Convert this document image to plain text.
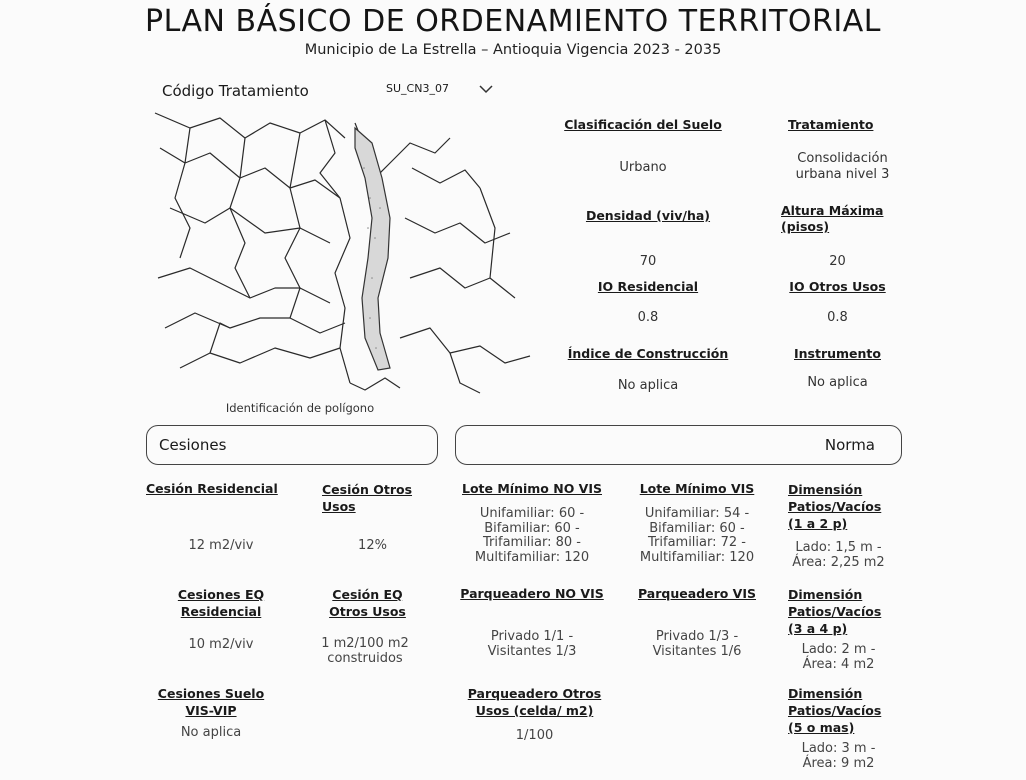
PLAN BÁSICO DE ORDENAMIENTO TERRITORIAL
Municipio de La Estrella – Antioquia Vigencia 2023 - 2035
Código Tratamiento	SU_CN3_07
Identificación de polígono
Clasificación del Suelo
Urbano
Tratamiento
Consolidación
urbana nivel 3
Densidad (viv/ha)
70
Altura Máxima
(pisos)
20
IO Residencial
0.8
IO Otros Usos
0.8
Índice de Construcción
No aplica
Instrumento
No aplica
Cesiones	Norma
Cesión Residencial
12 m2/viv
Cesión Otros
Usos
12%
Cesiones EQ
Residencial
10 m2/viv
Cesión EQ
Otros Usos
1 m2/100 m2
construidos
Cesiones Suelo
VIS-VIP
No aplica
Lote Mínimo NO VIS
Unifamiliar: 60 -
Bifamiliar: 60 -
Trifamiliar: 80 -
Multifamiliar: 120
Lote Mínimo VIS
Unifamiliar: 54 -
Bifamiliar: 60 -
Trifamiliar: 72 -
Multifamiliar: 120
Dimensión
Patios/Vacíos
(1 a 2 p)
Lado: 1,5 m -
Área: 2,25 m2
Parqueadero NO VIS
Privado 1/1 -
Visitantes 1/3
Parqueadero VIS
Privado 1/3 -
Visitantes 1/6
Dimensión
Patios/Vacíos
(3 a 4 p)
Lado: 2 m -
Área: 4 m2
Parqueadero Otros
Usos (celda/ m2)
1/100
Dimensión
Patios/Vacíos
(5 o mas)
Lado: 3 m -
Área: 9 m2
